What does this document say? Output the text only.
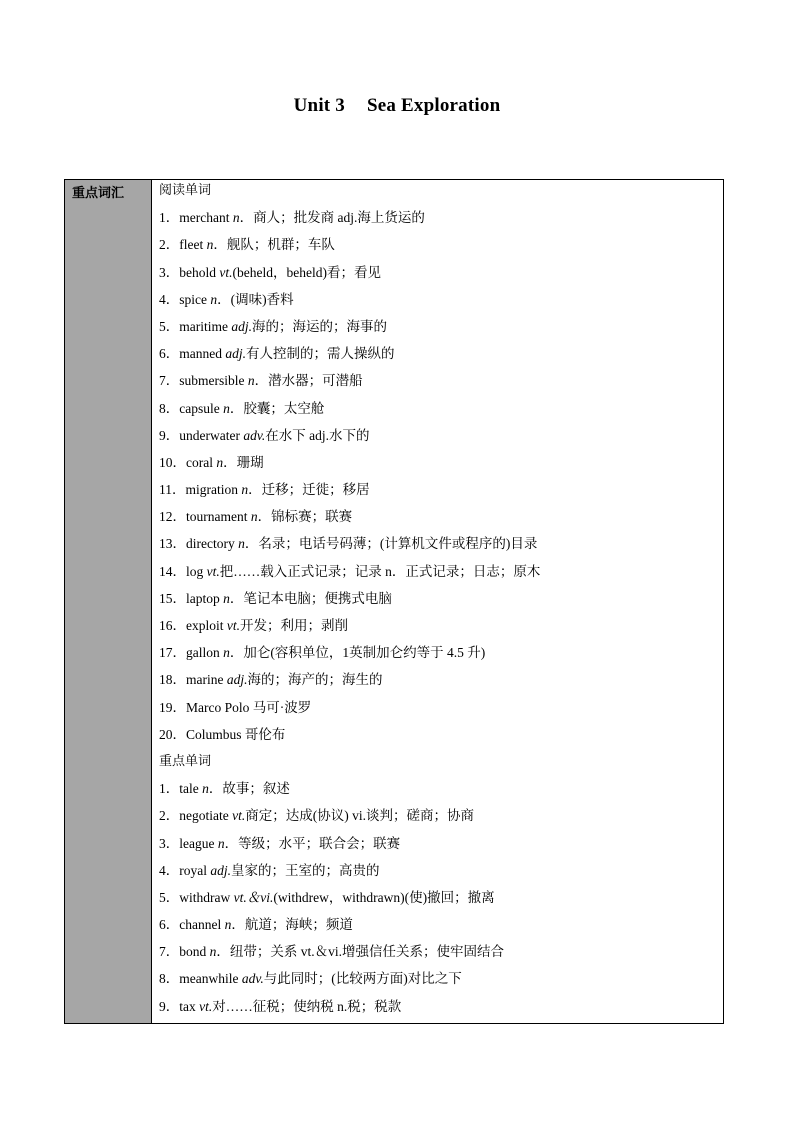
Unit 3 Sea Exploration
重点词汇	阅读单词
1．merchant n．商人；批发商 adj.海上货运的
2．fleet n．舰队；机群；车队
3．behold vt.(beheld，beheld)看；看见
4．spice n．(调味)香料
5．maritime adj.海的；海运的；海事的
6．manned adj.有人控制的；需人操纵的
7．submersible n．潜水器；可潜船
8．capsule n．胶囊；太空舱
9．underwater adv.在水下 adj.水下的
10．coral n．珊瑚
11．migration n．迁移；迁徙；移居
12．tournament n．锦标赛；联赛
13．directory n．名录；电话号码薄；(计算机文件或程序的)目录
14．log vt.把……载入正式记录；记录 n．正式记录；日志；原木
15．laptop n．笔记本电脑；便携式电脑
16．exploit vt.开发；利用；剥削
17．gallon n．加仑(容积单位，1英制加仑约等于 4.5 升)
18．marine adj.海的；海产的；海生的
19．Marco Polo 马可·波罗
20．Columbus 哥伦布
重点单词
1．tale n．故事；叙述
2．negotiate vt.商定；达成(协议) vi.谈判；磋商；协商
3．league n．等级；水平；联合会；联赛
4．royal adj.皇家的；王室的；高贵的
5．withdraw vt.＆vi.(withdrew，withdrawn)(使)撤回；撤离
6．channel n．航道；海峡；频道
7．bond n．纽带；关系 vt.＆vi.增强信任关系；使牢固结合
8．meanwhile adv.与此同时；(比较两方面)对比之下
9．tax vt.对……征税；使纳税 n.税；税款
